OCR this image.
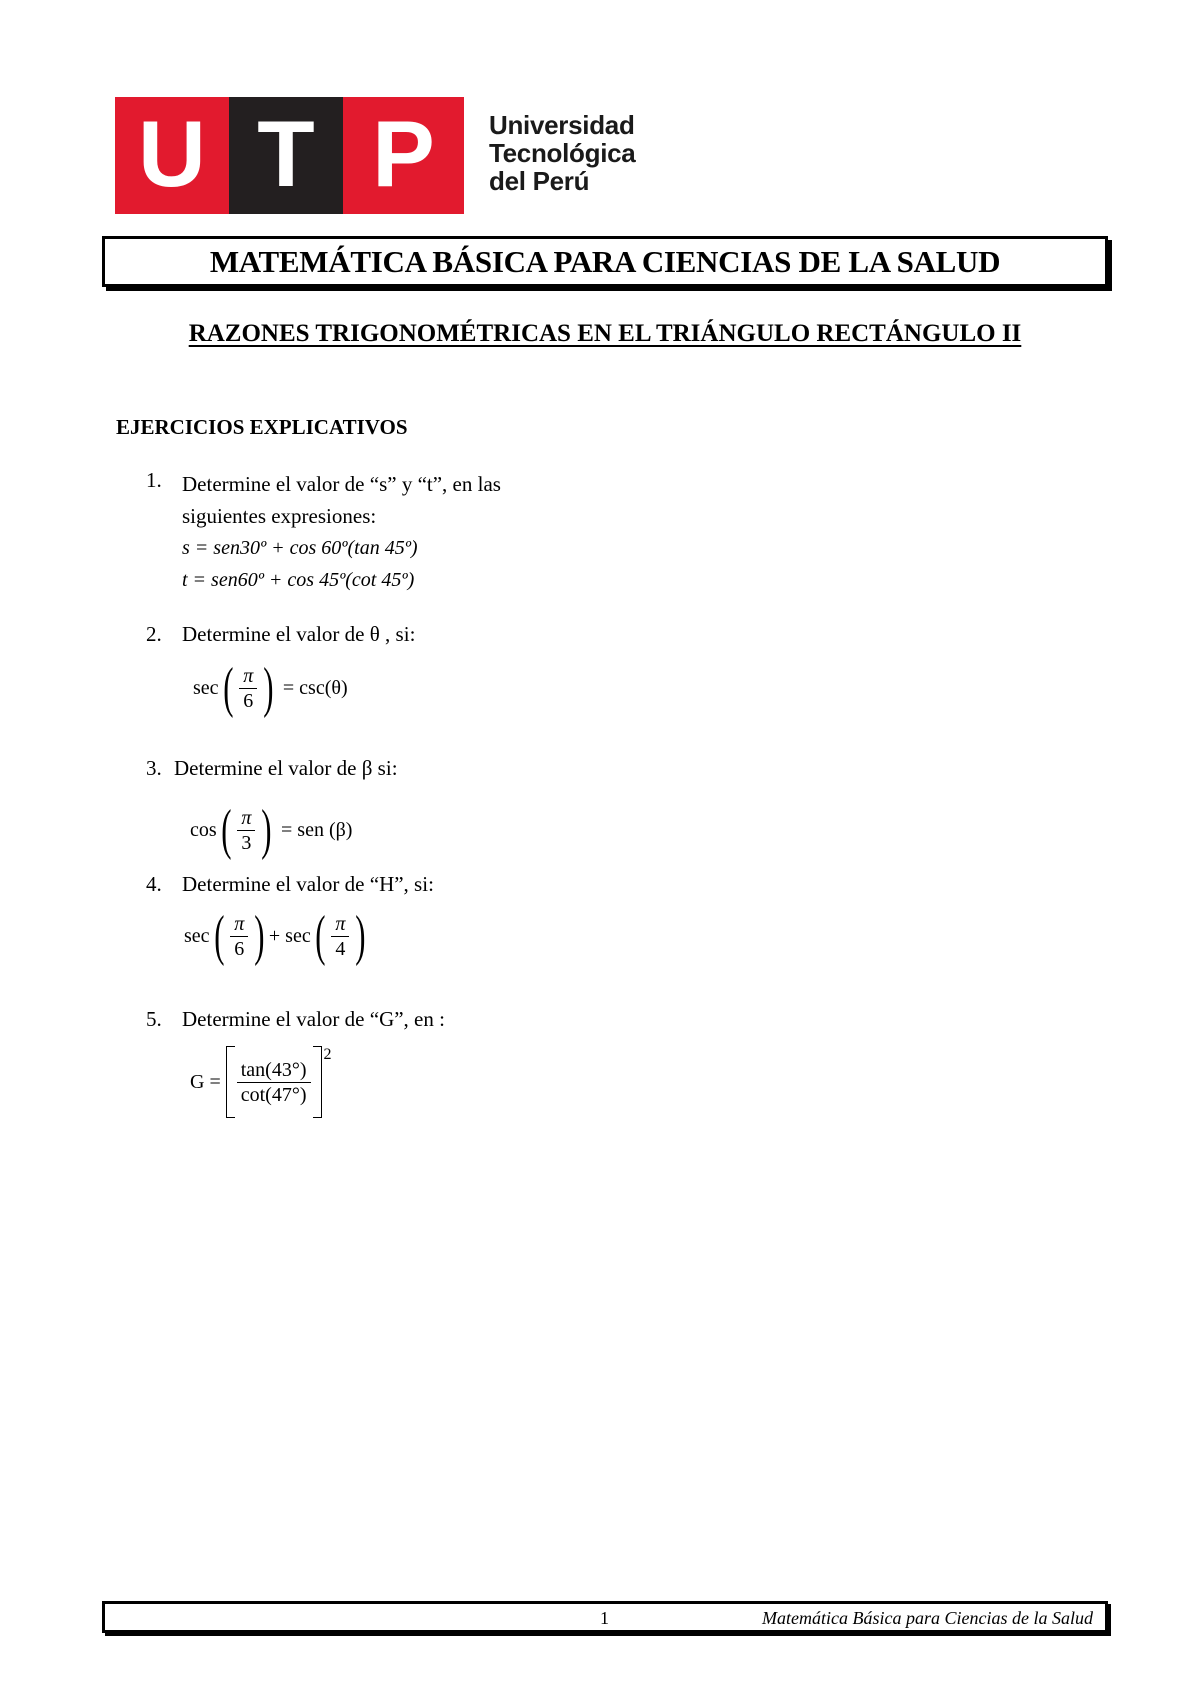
U T P	Universidad
Tecnológica
del Perú
MATEMÁTICA BÁSICA PARA CIENCIAS DE LA SALUD
RAZONES TRIGONOMÉTRICAS EN EL TRIÁNGULO RECTÁNGULO II
EJERCICIOS EXPLICATIVOS
1. Determine el valor de “s” y “t”, en las
siguientes expresiones:
s = sen30º + cos 60º(tan 45º)
t = sen60º + cos 45º(cot 45º)
2. Determine el valor de θ , si:
sec ( $\frac{\pi}{6}$ ) = csc(θ)
3. Determine el valor de β si:
cos ( $\frac{\pi}{3}$ ) = sen (β)
4. Determine el valor de “H”, si:
sec ( $\frac{\pi}{6}$ ) + sec ( $\frac{\pi}{4}$ )
5. Determine el valor de “G”, en :
$G = \frac{\tan(43^\circ)}{\cot(47^\circ)}$
2
1	Matemática Básica para Ciencias de la Salud
